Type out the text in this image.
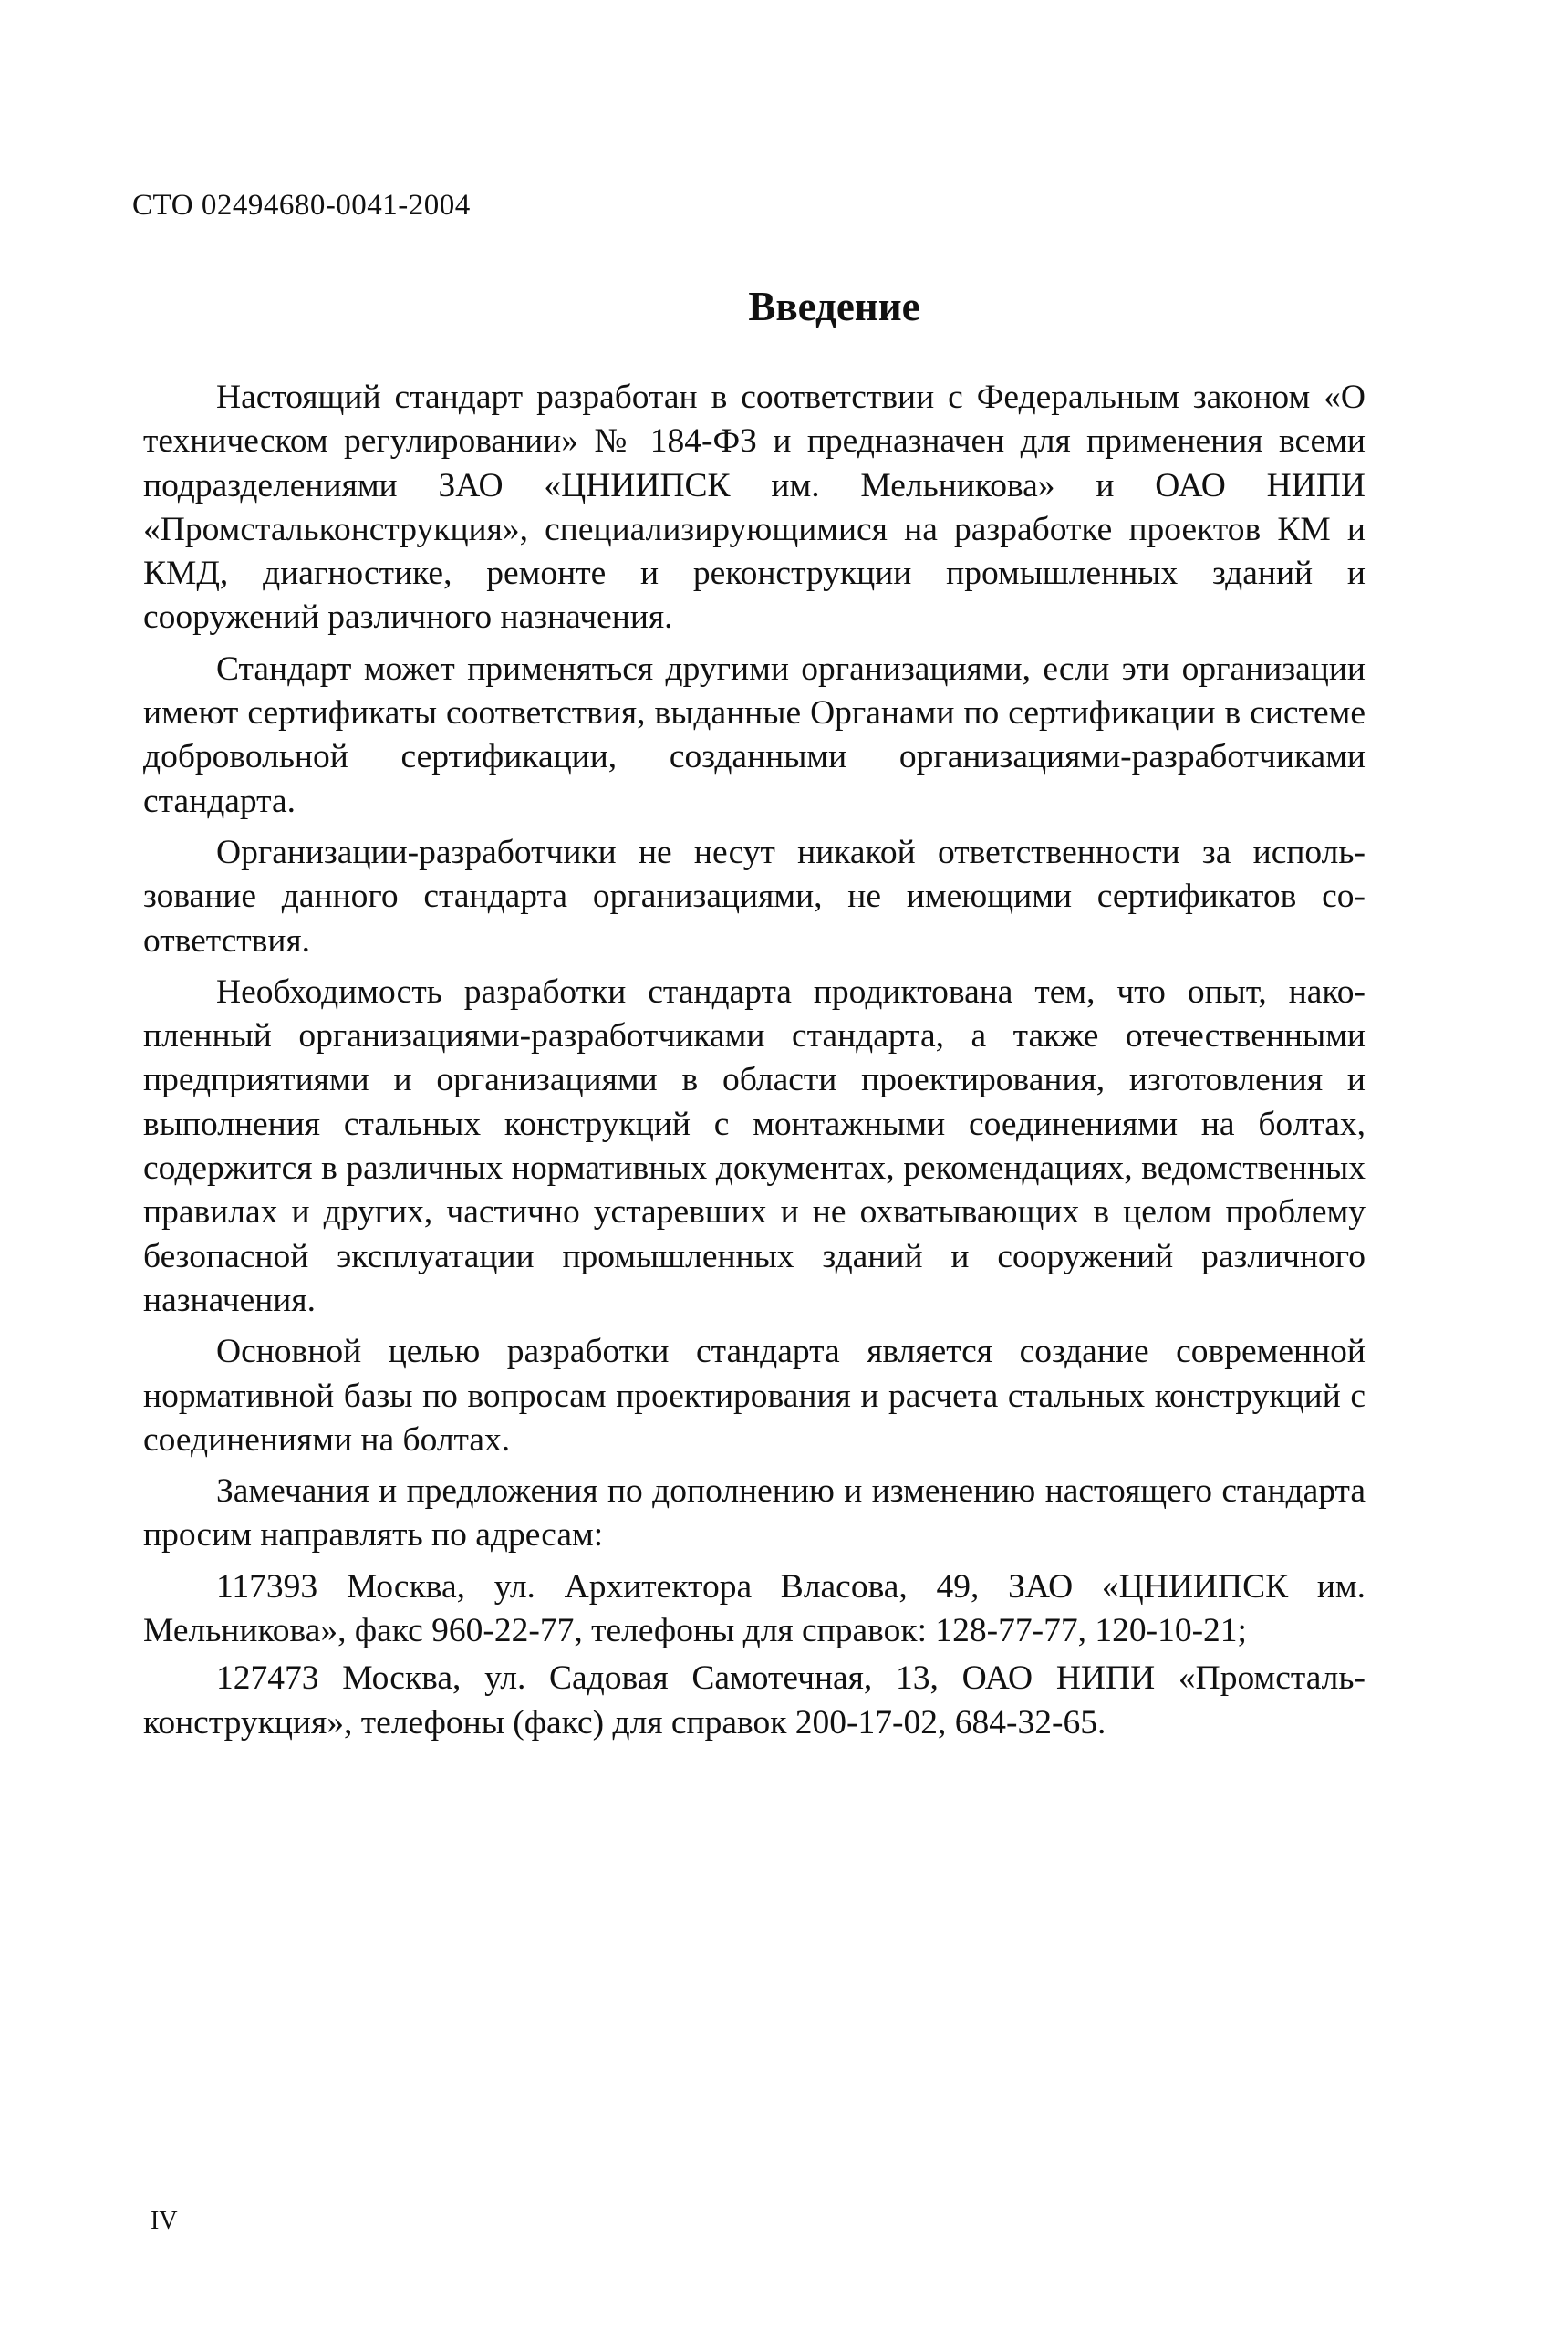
СТО 02494680-0041-2004
Введение

Настоящий стандарт разработан в соответствии с Федеральным законом «О техническом регулировании» № 184-ФЗ и предназначен для применения всеми подразделениями ЗАО «ЦНИИПСК им. Мельникова» и ОАО НИПИ «Промстальконструкция», специализирующимися на разработке проектов КМ и КМД, диагностике, ремонте и реконструкции промышленных зданий и сооружений различного назначения.

Стандарт может применяться другими организациями, если эти организации имеют сертификаты соответствия, выданные Органами по сертификации в системе добровольной сертификации, созданными организациями-разработчиками стандарта.

Организации-разработчики не несут никакой ответственности за использование данного стандарта организациями, не имеющими сертификатов соответствия.

Необходимость разработки стандарта продиктована тем, что опыт, накопленный организациями-разработчиками стандарта, а также отечественными предприятиями и организациями в области проектирования, изготовления и выполнения стальных конструкций с монтажными соединениями на болтах, содержится в различных нормативных документах, рекомендациях, ведомственных правилах и других, частично устаревших и не охватывающих в целом проблему безопасной эксплуатации промышленных зданий и сооружений различного назначения.

Основной целью разработки стандарта является создание современной нормативной базы по вопросам проектирования и расчета стальных конструкций с соединениями на болтах.

Замечания и предложения по дополнению и изменению настоящего стандарта просим направлять по адресам:

117393 Москва, ул. Архитектора Власова, 49, ЗАО «ЦНИИПСК им. Мельникова», факс 960-22-77, телефоны для справок: 128-77-77, 120-10-21;

127473 Москва, ул. Садовая Самотечная, 13, ОАО НИПИ «Промстальконструкция», телефоны (факс) для справок 200-17-02, 684-32-65.

IV
